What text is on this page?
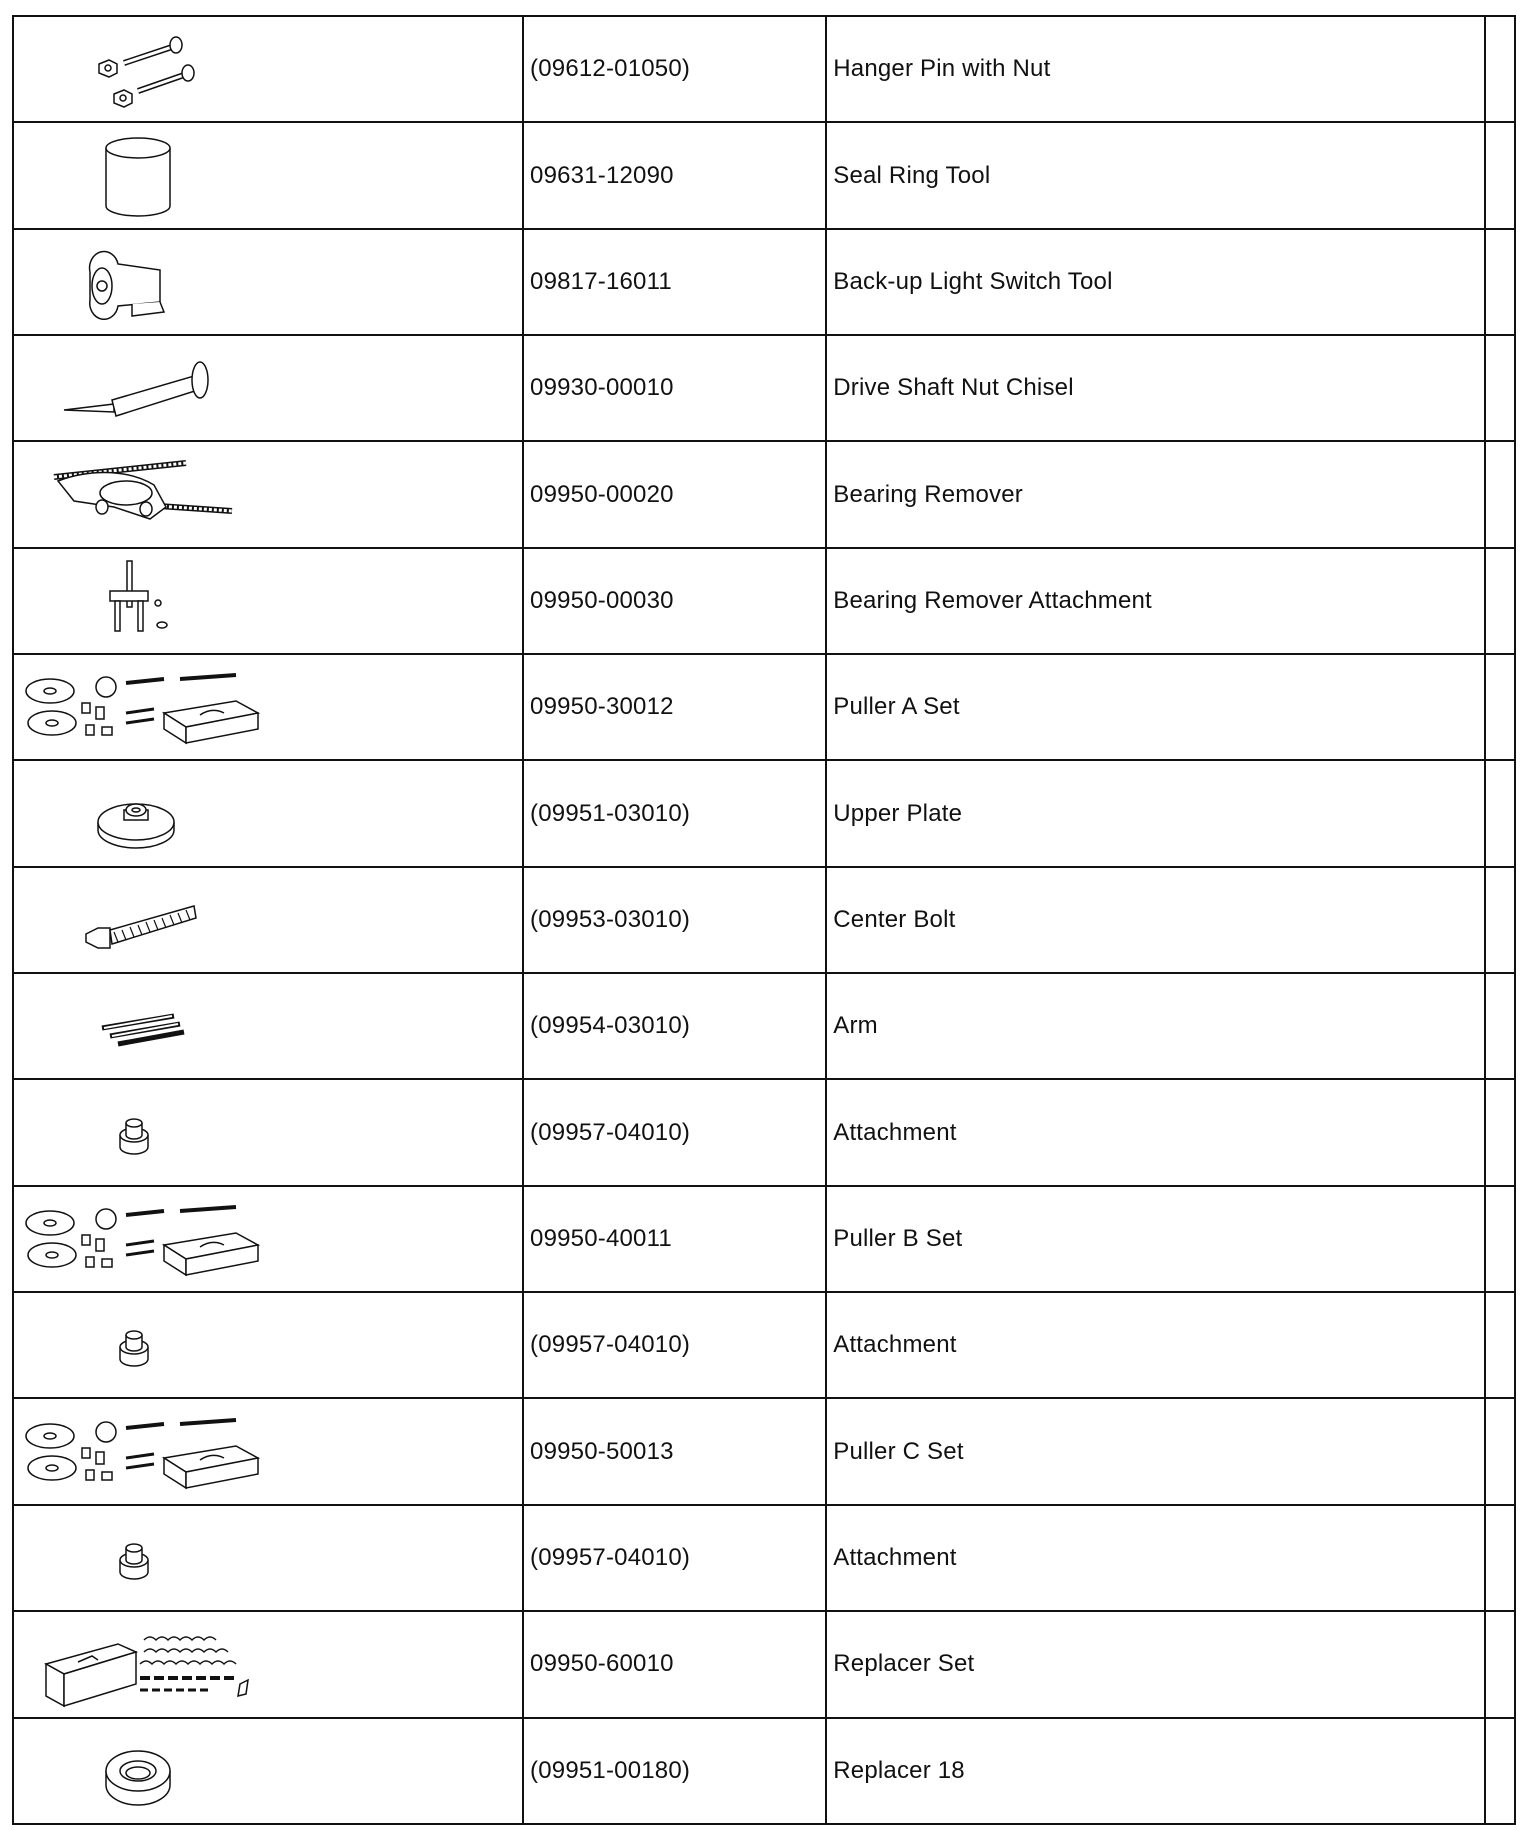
(09612-01050)	Hanger Pin with Nut	

09631-12090	Seal Ring Tool	

09817-16011	Back-up Light Switch Tool	

09930-00010	Drive Shaft Nut Chisel	

09950-00020	Bearing Remover	

09950-00030	Bearing Remover Attachment	

09950-30012	Puller A Set	

(09951-03010)	Upper Plate	

(09953-03010)	Center Bolt	

(09954-03010)	Arm	

(09957-04010)	Attachment	

09950-40011	Puller B Set	

(09957-04010)	Attachment	

09950-50013	Puller C Set	

(09957-04010)	Attachment	

09950-60010	Replacer Set	

(09951-00180)	Replacer 18	
